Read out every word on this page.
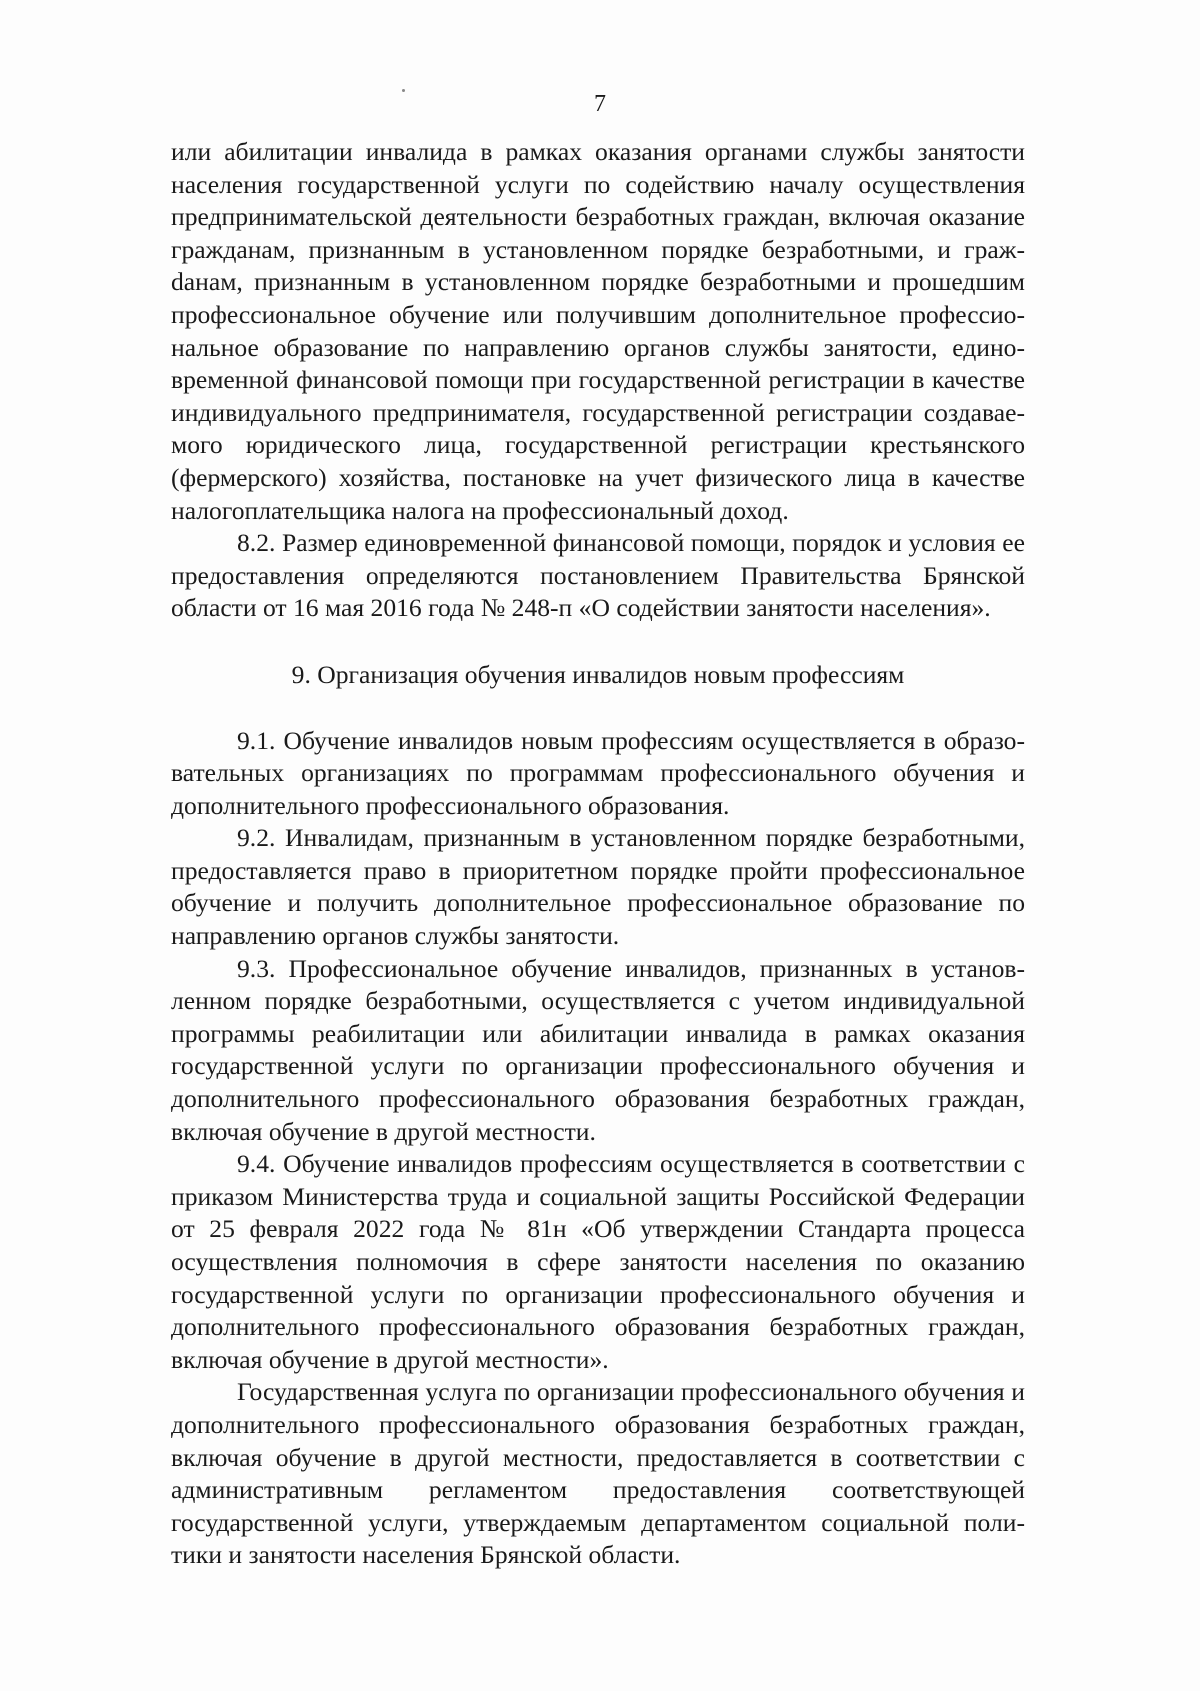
7

или абилитации инвалида в рамках оказания органами службы занятости населения государственной услуги по содействию началу осуществления предпринимательской деятельности безработных граждан, включая оказание гражданам, признанным в установленном порядке безработными, и гражdанам, признанным в установленном порядке безработными и прошедшим профессиональное обучение или получившим дополнительное профессиональное образование по направлению органов службы занятости, единовременной финансовой помощи при государственной регистрации в качестве индивидуального предпринимателя, государственной регистрации создаваемого юридического лица, государственной регистрации крестьянского (фермерского) хозяйства, постановке на учет физического лица в качестве налогоплательщика налога на профессиональный доход.

8.2. Размер единовременной финансовой помощи, порядок и условия ее предоставления определяются постановлением Правительства Брянской области от 16 мая 2016 года № 248-п «О содействии занятости населения».

9. Организация обучения инвалидов новым профессиям

9.1. Обучение инвалидов новым профессиям осуществляется в образовательных организациях по программам профессионального обучения и дополнительного профессионального образования.

9.2. Инвалидам, признанным в установленном порядке безработными, предоставляется право в приоритетном порядке пройти профессиональное обучение и получить дополнительное профессиональное образование по направлению органов службы занятости.

9.3. Профессиональное обучение инвалидов, признанных в установленном порядке безработными, осуществляется с учетом индивидуальной программы реабилитации или абилитации инвалида в рамках оказания государственной услуги по организации профессионального обучения и дополнительного профессионального образования безработных граждан, включая обучение в другой местности.

9.4. Обучение инвалидов профессиям осуществляется в соответствии с приказом Министерства труда и социальной защиты Российской Федерации от 25 февраля 2022 года № 81н «Об утверждении Стандарта процесса осуществления полномочия в сфере занятости населения по оказанию государственной услуги по организации профессионального обучения и дополнительного профессионального образования безработных граждан, включая обучение в другой местности».

Государственная услуга по организации профессионального обучения и дополнительного профессионального образования безработных граждан, включая обучение в другой местности, предоставляется в соответствии с административным регламентом предоставления соответствующей государственной услуги, утверждаемым департаментом социальной политики и занятости населения Брянской области.
